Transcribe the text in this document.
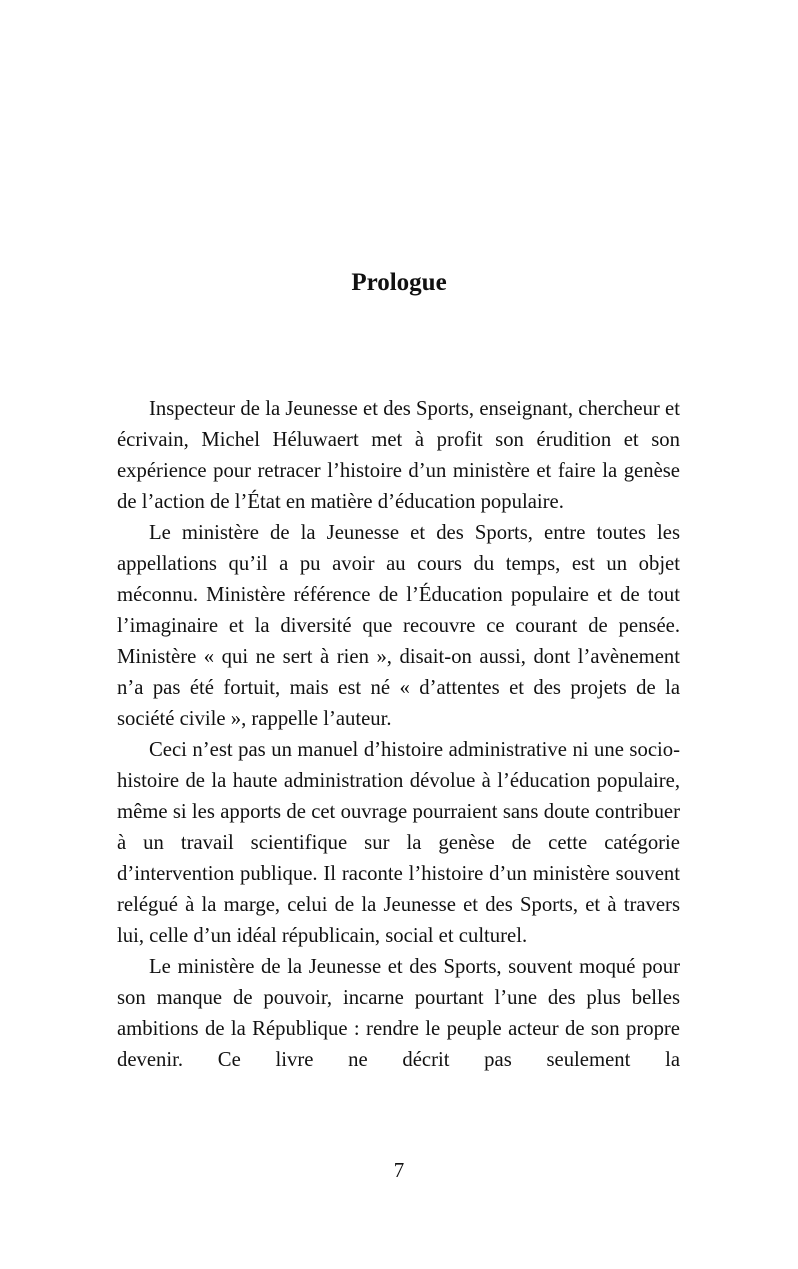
Prologue

Inspecteur de la Jeunesse et des Sports, enseignant, chercheur et écrivain, Michel Héluwaert met à profit son érudition et son expérience pour retracer l’histoire d’un ministère et faire la genèse de l’action de l’État en matière d’éducation populaire.

Le ministère de la Jeunesse et des Sports, entre toutes les appellations qu’il a pu avoir au cours du temps, est un objet méconnu. Ministère référence de l’Éducation populaire et de tout l’imaginaire et la diversité que recouvre ce courant de pensée. Ministère « qui ne sert à rien », disait-on aussi, dont l’avènement n’a pas été fortuit, mais est né « d’attentes et des projets de la société civile », rappelle l’auteur.

Ceci n’est pas un manuel d’histoire administrative ni une socio-histoire de la haute administration dévolue à l’éducation populaire, même si les apports de cet ouvrage pourraient sans doute contribuer à un travail scientifique sur la genèse de cette catégorie d’intervention publique. Il raconte l’histoire d’un ministère souvent relégué à la marge, celui de la Jeunesse et des Sports, et à travers lui, celle d’un idéal républicain, social et culturel.

Le ministère de la Jeunesse et des Sports, souvent moqué pour son manque de pouvoir, incarne pourtant l’une des plus belles ambitions de la République : rendre le peuple acteur de son propre devenir. Ce livre ne décrit pas seulement la

7
